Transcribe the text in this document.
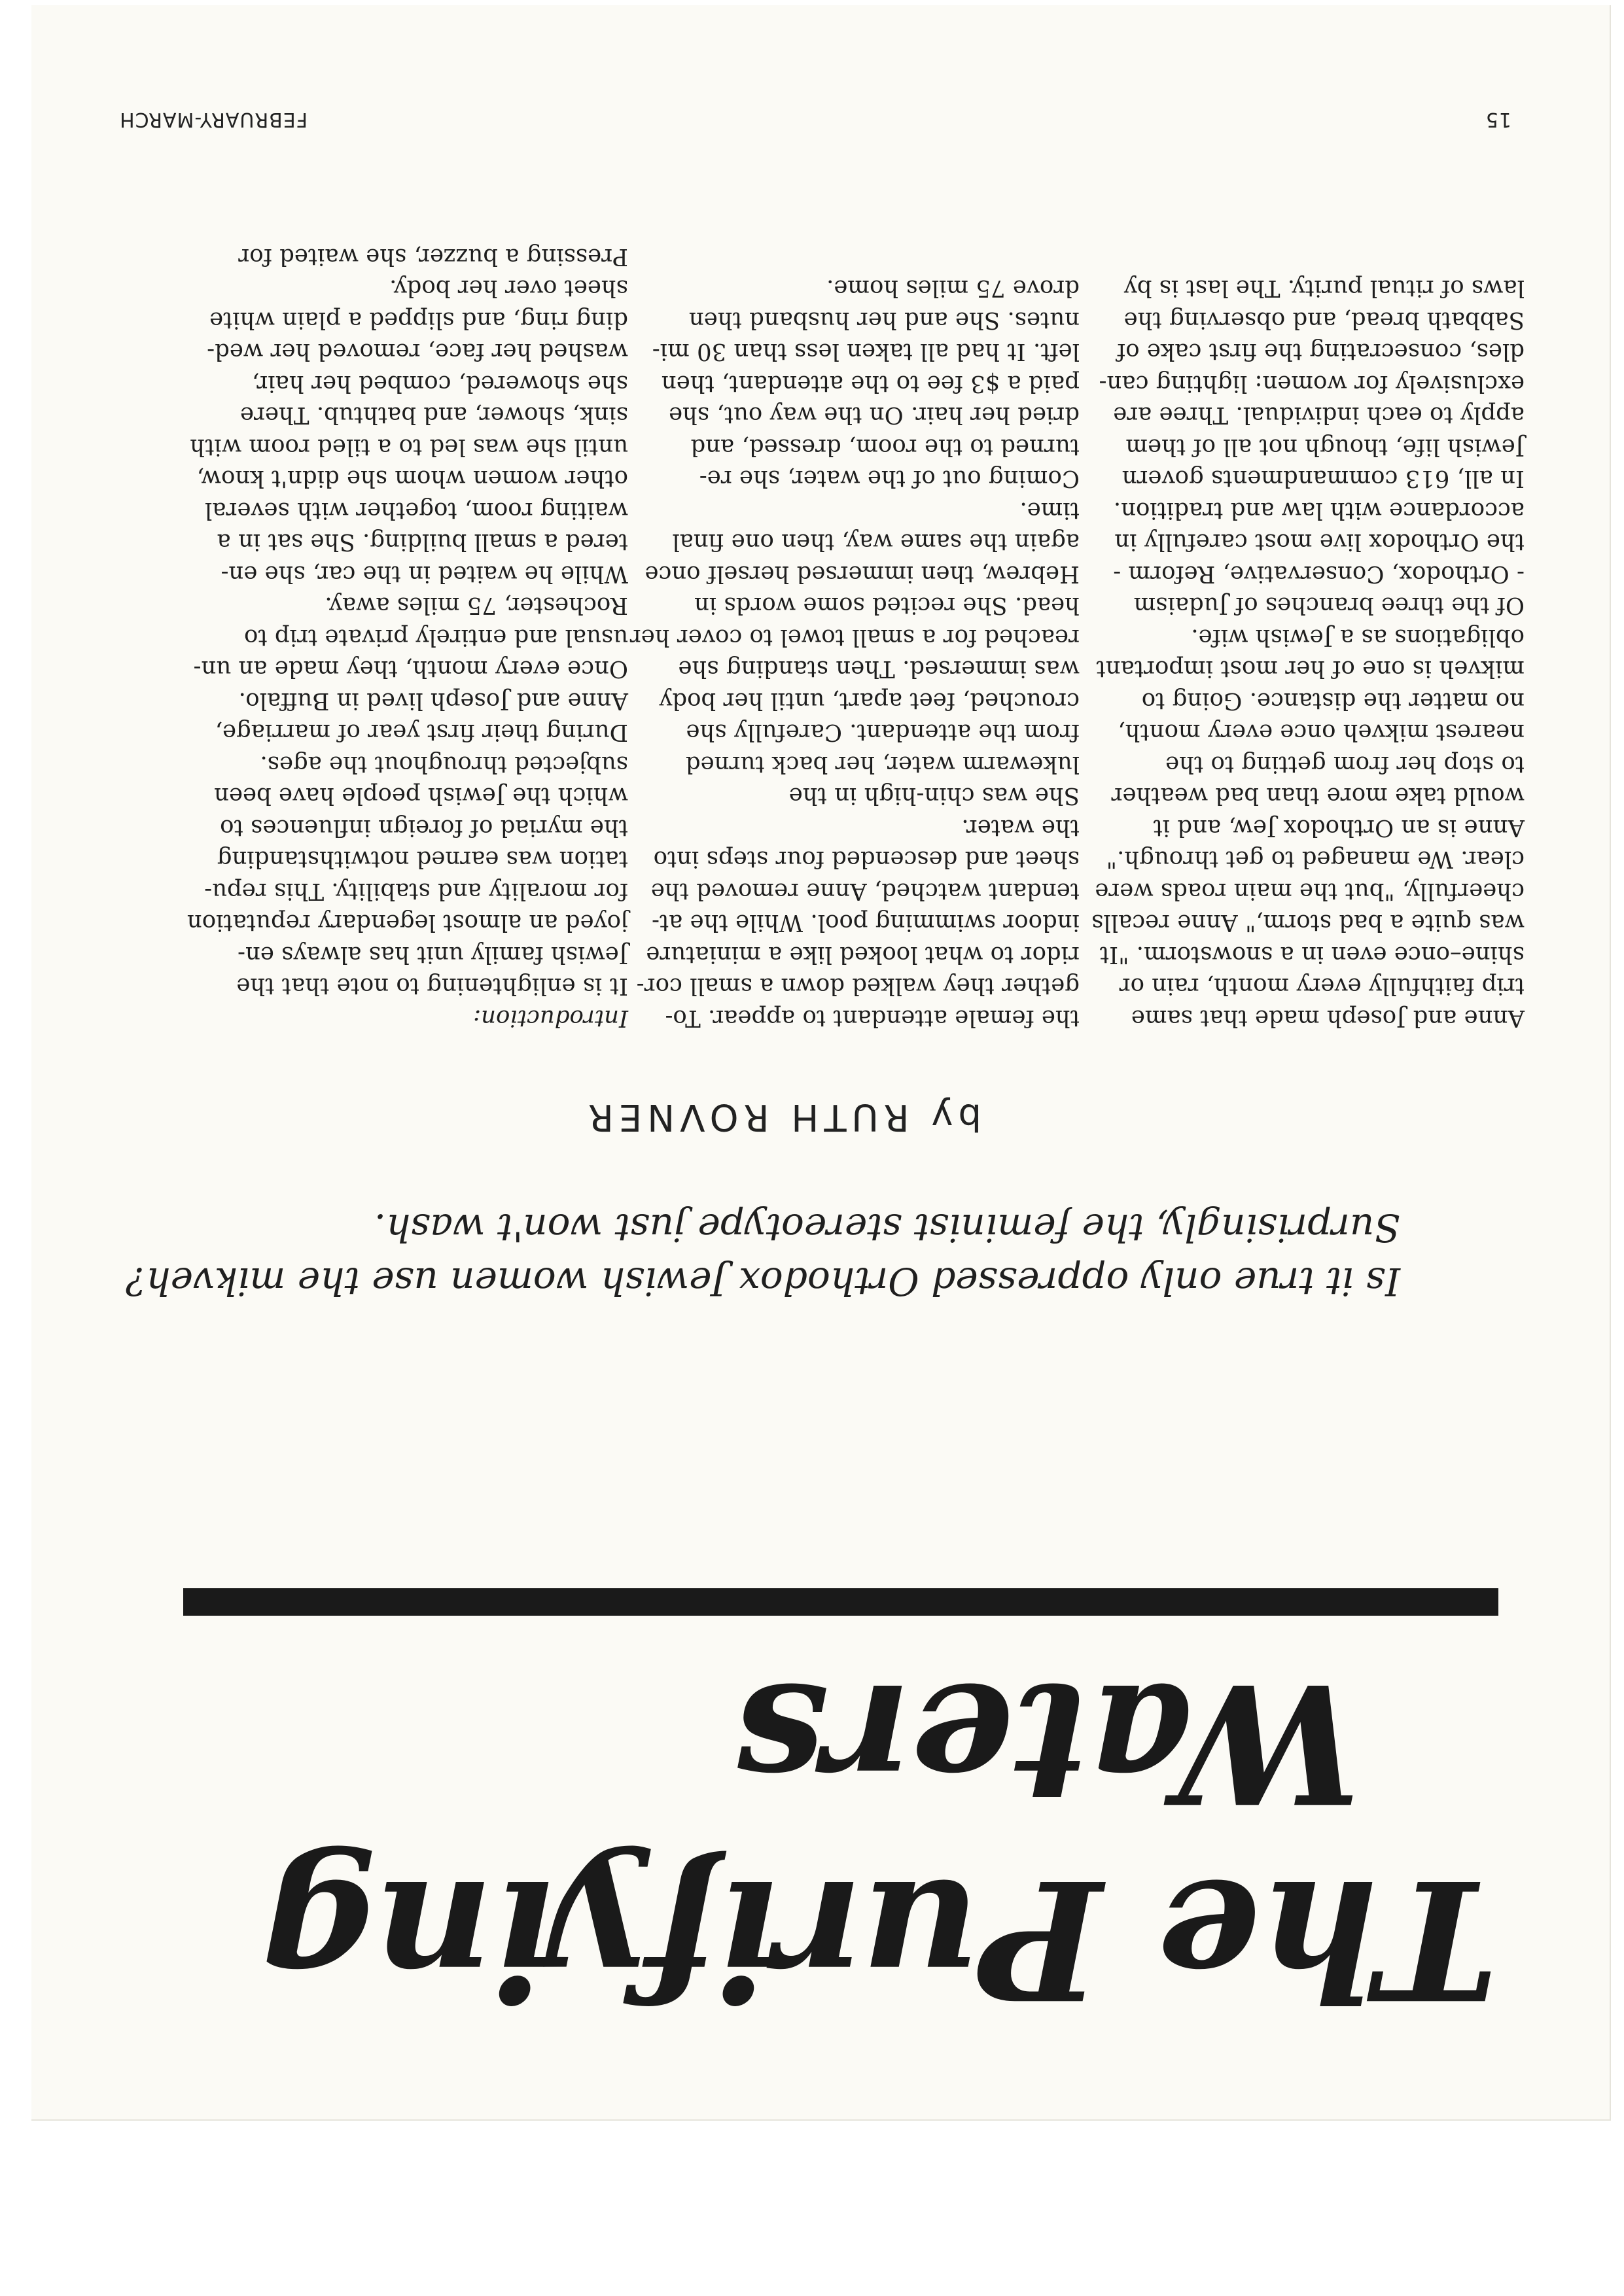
The Purifying
Waters
Is it true only oppressed Orthodox Jewish women use the mikveh?
Surprisingly, the feminist stereotype just won't wash.
by RUTH ROVNER
Anne and Joseph made that same
trip faithfully every month, rain or
shine–once even in a snowstorm. "It
was quite a bad storm," Anne recalls
cheerfully, "but the main roads were
clear. We managed to get through."
Anne is an Orthodox Jew, and it
would take more than bad weather
to stop her from getting to the
nearest mikveh once every month,
no matter the distance. Going to
mikveh is one of her most important
obligations as a Jewish wife.
Of the three branches of Judaism
- Orthodox, Conservative, Reform -
the Orthodox live most carefully in
accordance with law and tradition.
In all, 613 commandments govern
Jewish life, though not all of them
apply to each individual. Three are
exclusively for women: lighting can-
dles, consecrating the first cake of
Sabbath bread, and observing the
laws of ritual purity. The last is by
the female attendant to appear. To-
gether they walked down a small cor-
ridor to what looked like a miniature
indoor swimming pool. While the at-
tendant watched, Anne removed the
sheet and descended four steps into
the water.
She was chin-high in the
lukewarm water, her back turned
from the attendant. Carefully she
crouched, feet apart, until her body
was immersed. Then standing she
reached for a small towel to cover her
head. She recited some words in
Hebrew, then immersed herself once
again the same way, then one final
time.
Coming out of the water, she re-
turned to the room, dressed, and
dried her hair. On the way out, she
paid a $3 fee to the attendant, then
left. It had all taken less than 30 mi-
nutes. She and her husband then
drove 75 miles home.
Introduction:
It is enlightening to note that the
Jewish family unit has always en-
joyed an almost legendary reputation
for morality and stability. This repu-
tation was earned notwithstanding
the myriad of foreign influences to
which the Jewish people have been
subjected throughout the ages.
During their first year of marriage,
Anne and Joseph lived in Buffalo.
Once every month, they made an un-
usual and entirely private trip to
Rochester, 75 miles away.
While he waited in the car, she en-
tered a small building. She sat in a
waiting room, together with several
other women whom she didn't know,
until she was led to a tiled room with
sink, shower, and bathtub. There
she showered, combed her hair,
washed her face, removed her wed-
ding ring, and slipped a plain white
sheet over her body.
Pressing a buzzer, she waited for
15
FEBRUARY-MARCH
